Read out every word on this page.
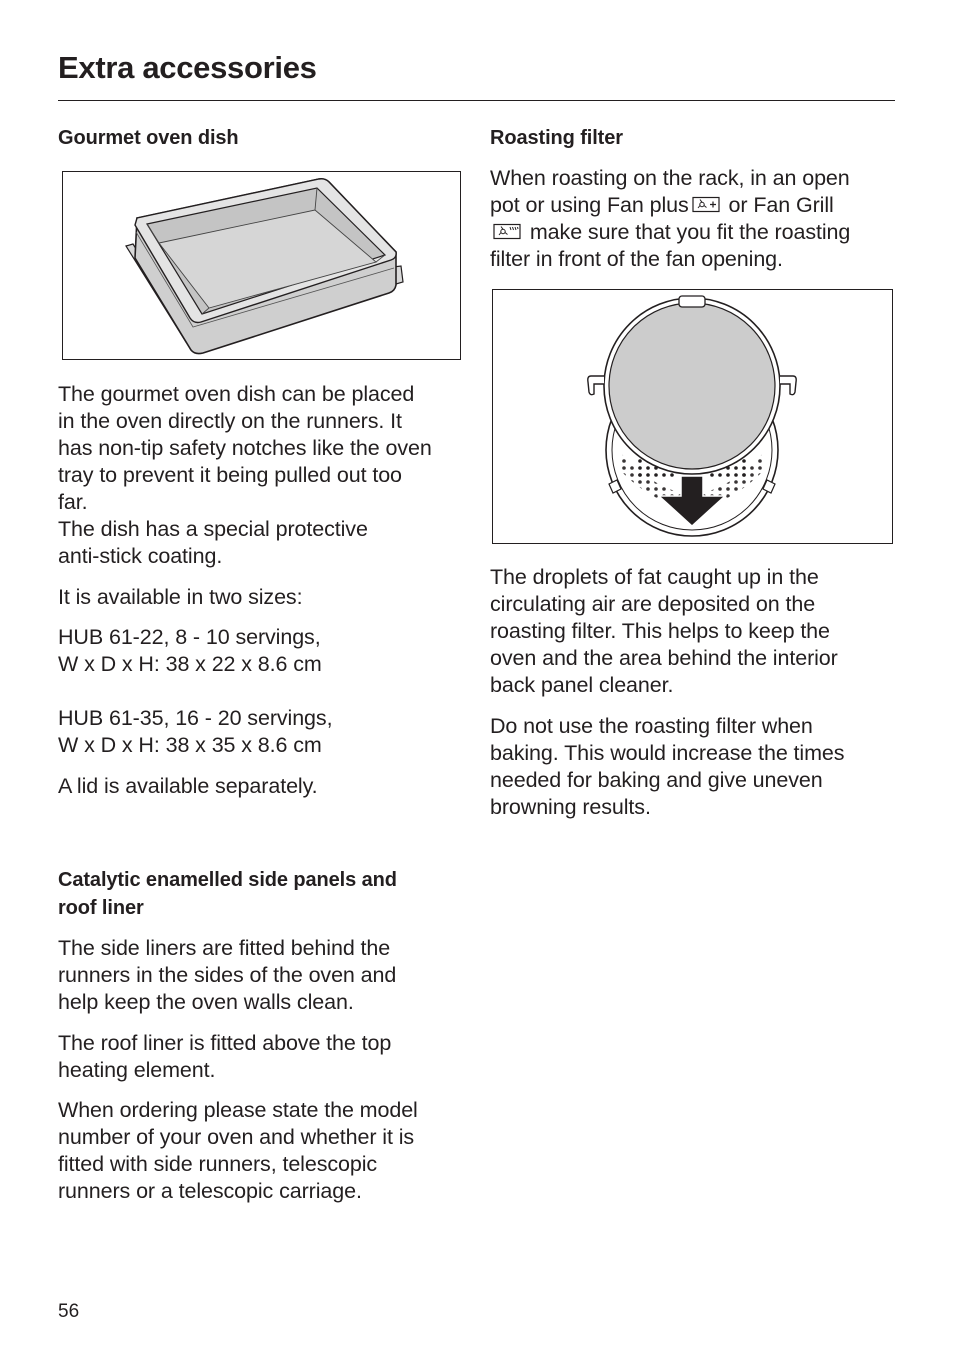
Extra accessories
Gourmet oven dish

The gourmet oven dish can be placed
in the oven directly on the runners. It
has non-tip safety notches like the oven
tray to prevent it being pulled out too
far.
The dish has a special protective
anti-stick coating.

It is available in two sizes:

HUB 61-22, 8 - 10 servings,
W x D x H: 38 x 22 x 8.6 cm

HUB 61-35, 16 - 20 servings,
W x D x H: 38 x 35 x 8.6 cm

A lid is available separately.

Catalytic enamelled side panels and
roof liner

The side liners are fitted behind the
runners in the sides of the oven and
help keep the oven walls clean.

The roof liner is fitted above the top
heating element.

When ordering please state the model
number of your oven and whether it is
fitted with side runners, telescopic
runners or a telescopic carriage.

Roasting filter

When roasting on the rack, in an open
pot or using Fan plus or Fan Grill
make sure that you fit the roasting
filter in front of the fan opening.

The droplets of fat caught up in the
circulating air are deposited on the
roasting filter. This helps to keep the
oven and the area behind the interior
back panel cleaner.

Do not use the roasting filter when
baking. This would increase the times
needed for baking and give uneven
browning results.

56
